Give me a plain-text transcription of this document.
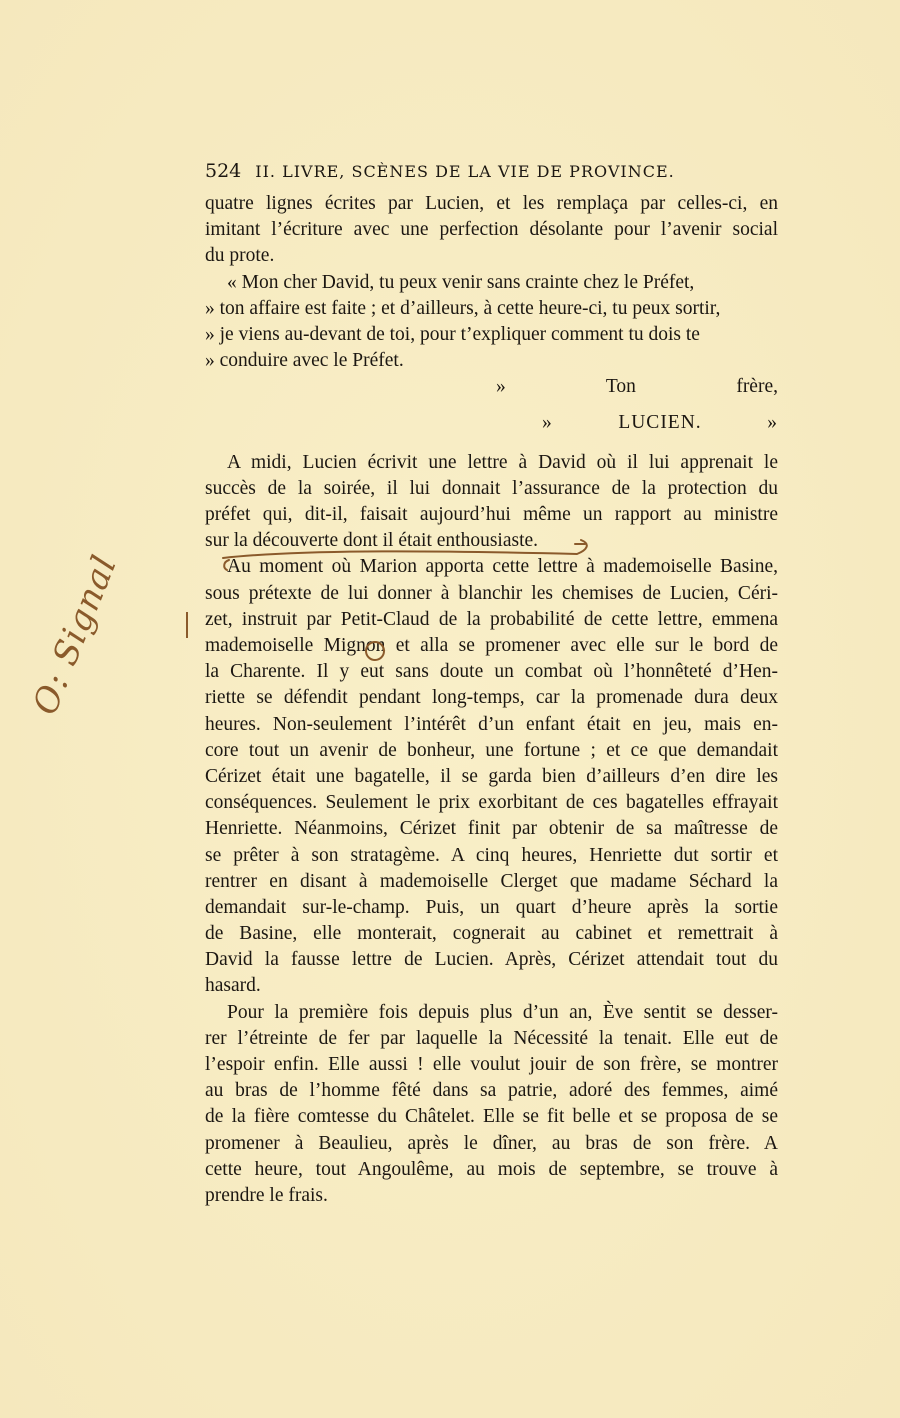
524 II. LIVRE, SCÈNES DE LA VIE DE PROVINCE.
quatre lignes écrites par Lucien, et les remplaça par celles-ci, en
imitant l’écriture avec une perfection désolante pour l’avenir social
du prote.
« Mon cher David, tu peux venir sans crainte chez le Préfet,
» ton affaire est faite ; et d’ailleurs, à cette heure-ci, tu peux sortir,
» je viens au-devant de toi, pour t’expliquer comment tu dois te
» conduire avec le Préfet.
» Ton frère,
» LUCIEN. »
A midi, Lucien écrivit une lettre à David où il lui apprenait le
succès de la soirée, il lui donnait l’assurance de la protection du
préfet qui, dit-il, faisait aujourd’hui même un rapport au ministre
sur la découverte dont il était enthousiaste.
Au moment où Marion apporta cette lettre à mademoiselle Basine,
sous prétexte de lui donner à blanchir les chemises de Lucien, Céri-
zet, instruit par Petit-Claud de la probabilité de cette lettre, emmena
mademoiselle Mignon et alla se promener avec elle sur le bord de
la Charente. Il y eut sans doute un combat où l’honnêteté d’Hen-
riette se défendit pendant long-temps, car la promenade dura deux
heures. Non-seulement l’intérêt d’un enfant était en jeu, mais en-
core tout un avenir de bonheur, une fortune ; et ce que demandait
Cérizet était une bagatelle, il se garda bien d’ailleurs d’en dire les
conséquences. Seulement le prix exorbitant de ces bagatelles effrayait
Henriette. Néanmoins, Cérizet finit par obtenir de sa maîtresse de
se prêter à son stratagème. A cinq heures, Henriette dut sortir et
rentrer en disant à mademoiselle Clerget que madame Séchard la
demandait sur-le-champ. Puis, un quart d’heure après la sortie
de Basine, elle monterait, cognerait au cabinet et remettrait à
David la fausse lettre de Lucien. Après, Cérizet attendait tout du
hasard.
Pour la première fois depuis plus d’un an, Ève sentit se desser-
rer l’étreinte de fer par laquelle la Nécessité la tenait. Elle eut de
l’espoir enfin. Elle aussi ! elle voulut jouir de son frère, se montrer
au bras de l’homme fêté dans sa patrie, adoré des femmes, aimé
de la fière comtesse du Châtelet. Elle se fit belle et se proposa de se
promener à Beaulieu, après le dîner, au bras de son frère. A
cette heure, tout Angoulême, au mois de septembre, se trouve à
prendre le frais.
O: Signal
